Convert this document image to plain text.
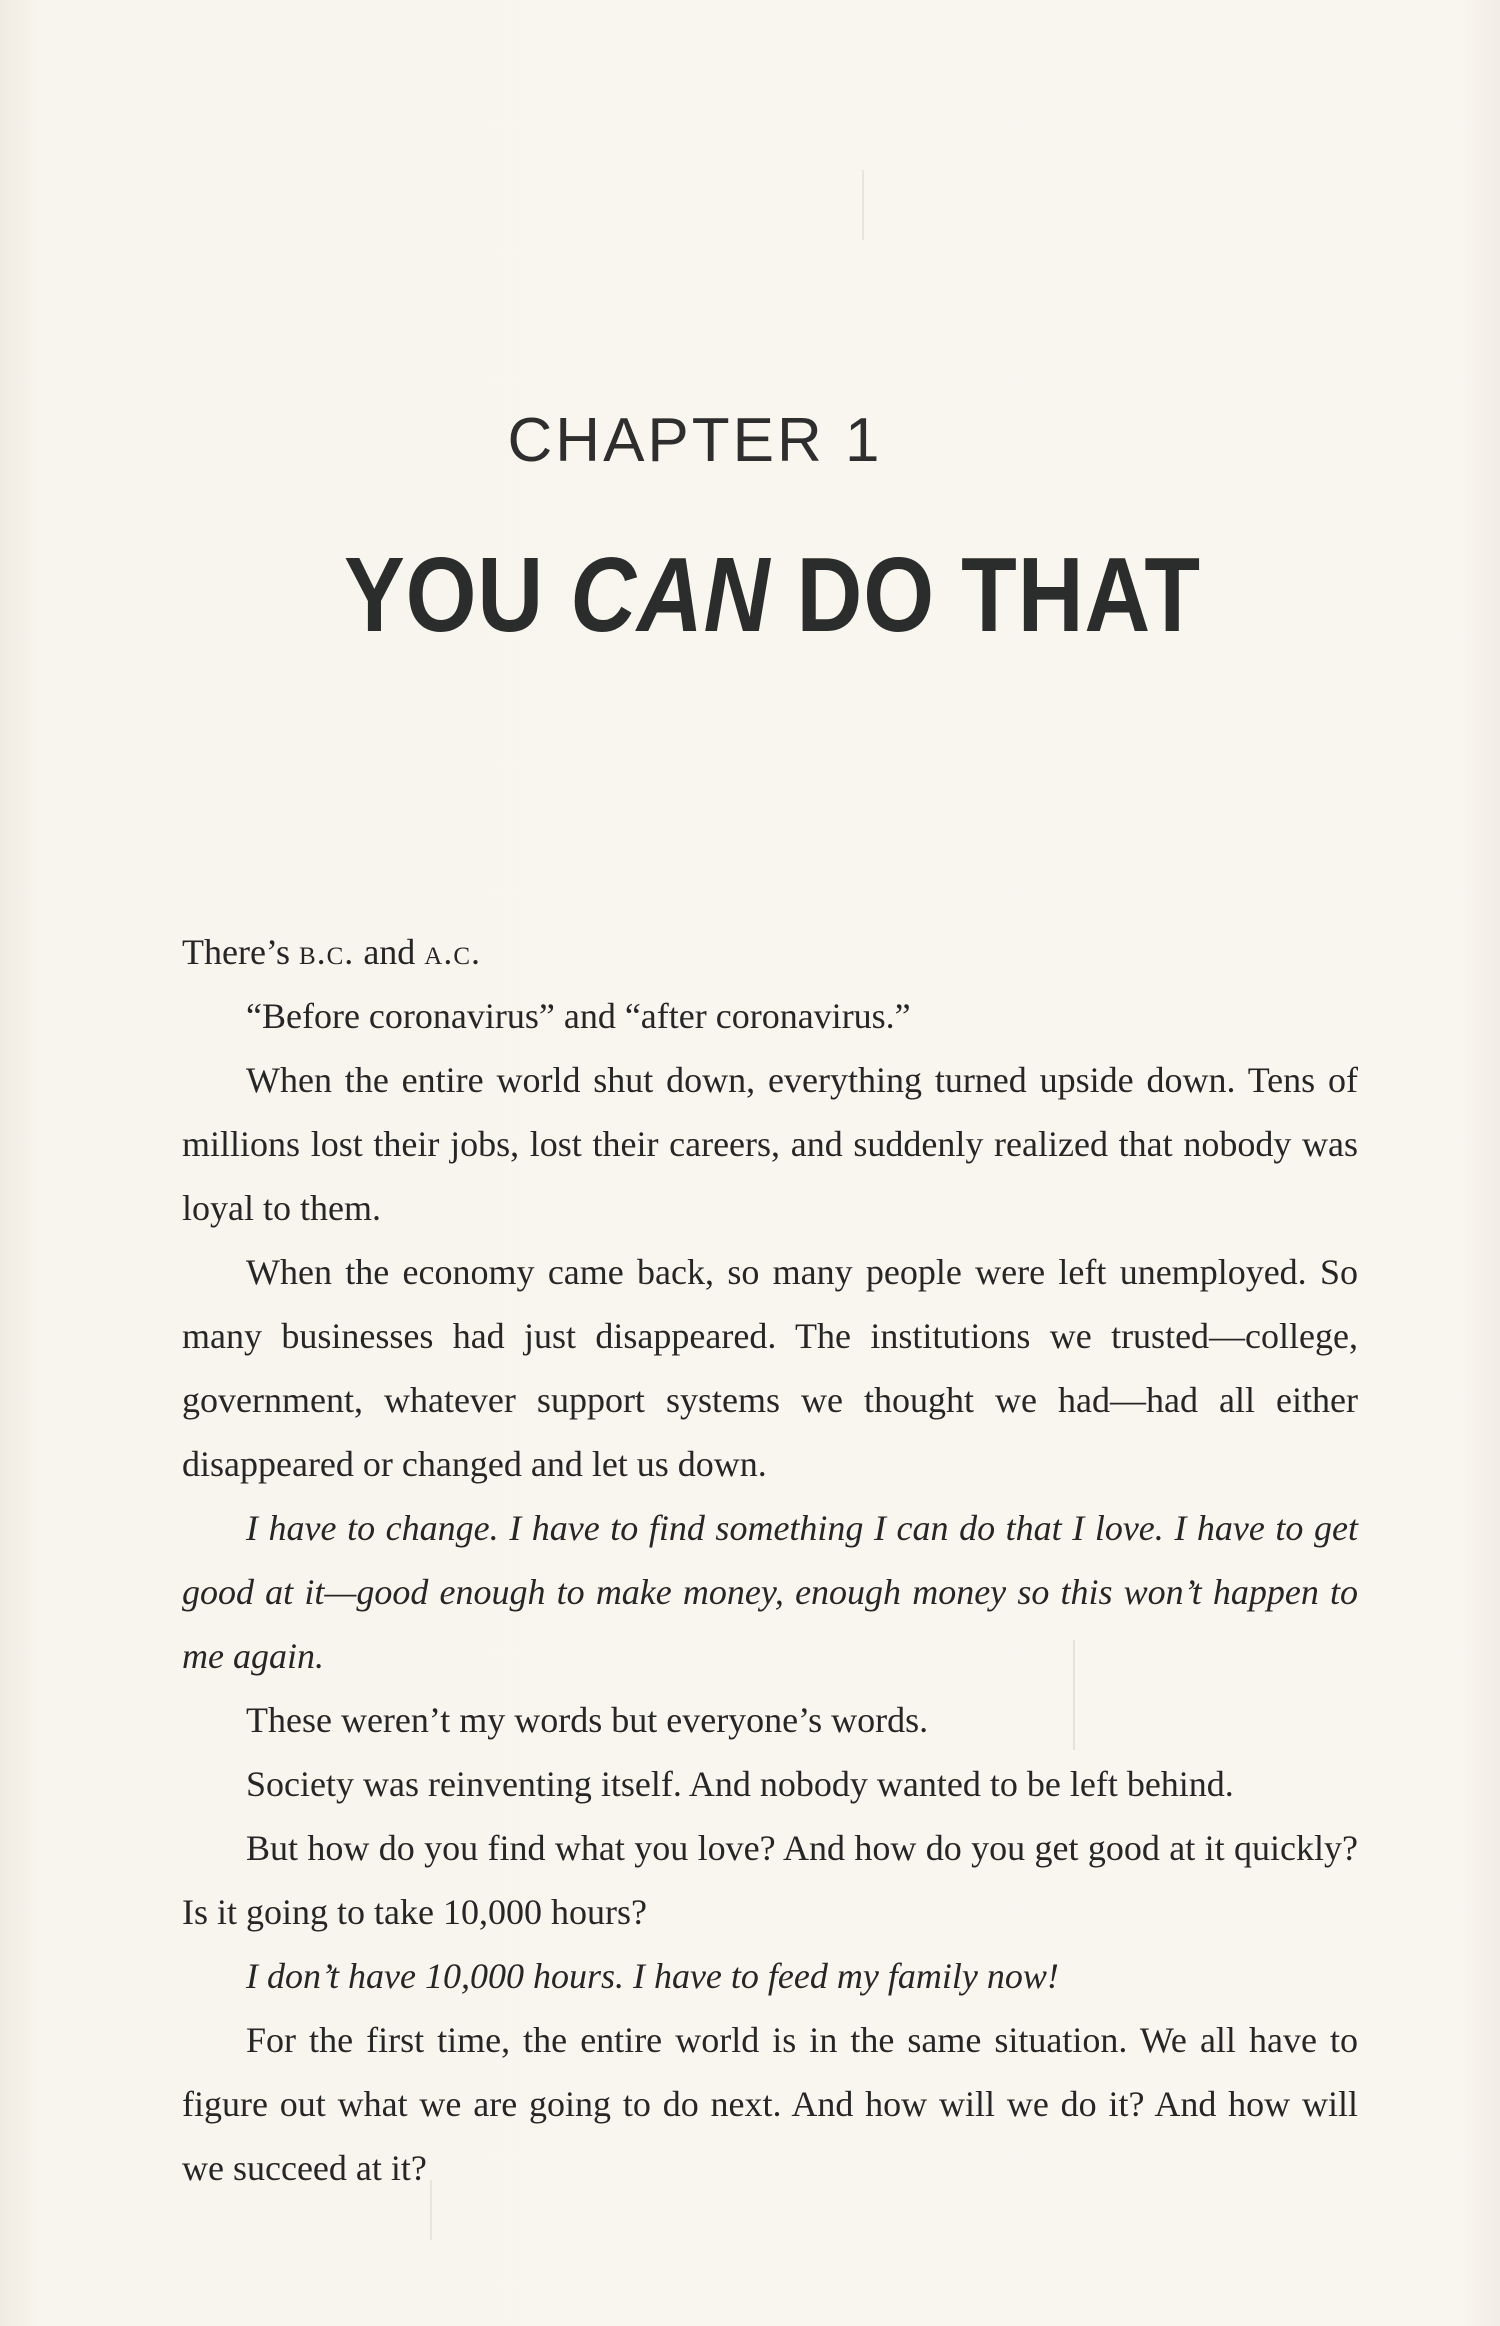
CHAPTER 1
YOU CAN DO THAT

There’s b.c. and a.c.

“Before coronavirus” and “after coronavirus.”

When the entire world shut down, everything turned upside down. Tens of millions lost their jobs, lost their careers, and suddenly realized that nobody was loyal to them.

When the economy came back, so many people were left unemployed. So many businesses had just disappeared. The institutions we trusted—college, government, whatever support systems we thought we had—had all either disappeared or changed and let us down.

I have to change. I have to find something I can do that I love. I have to get good at it—good enough to make money, enough money so this won’t happen to me again.

These weren’t my words but everyone’s words.

Society was reinventing itself. And nobody wanted to be left behind.

But how do you find what you love? And how do you get good at it quickly? Is it going to take 10,000 hours?

I don’t have 10,000 hours. I have to feed my family now!

For the first time, the entire world is in the same situation. We all have to figure out what we are going to do next. And how will we do it? And how will we succeed at it?
